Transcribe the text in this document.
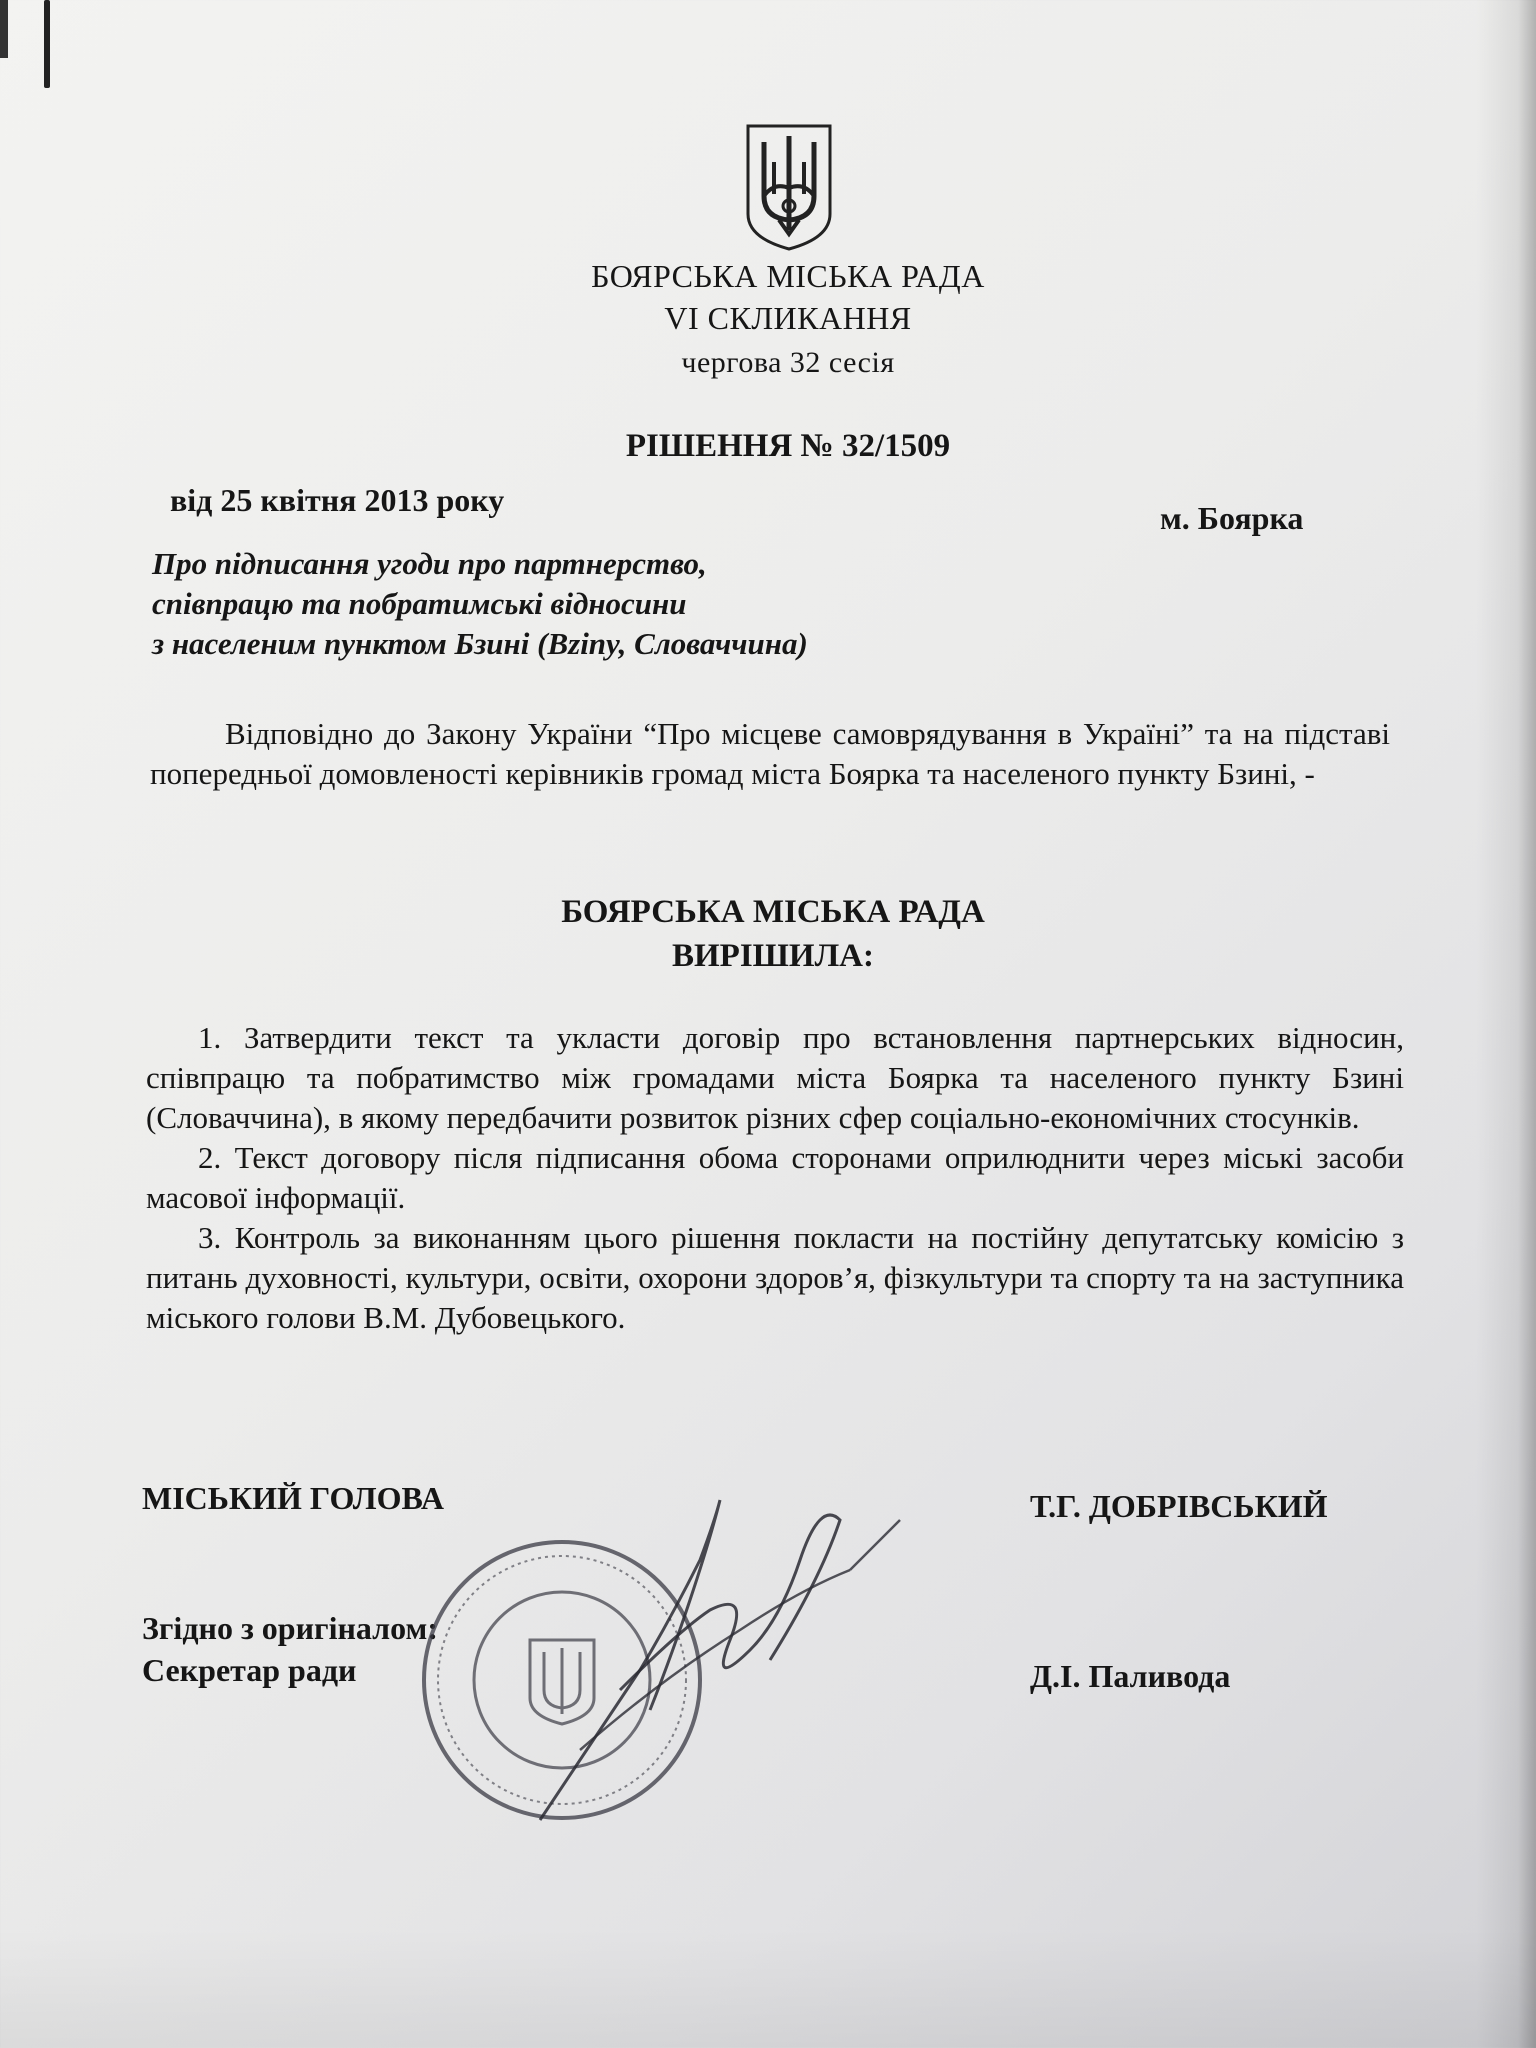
БОЯРСЬКА МІСЬКА РАДА
VI СКЛИКАННЯ
чергова 32 сесія
РІШЕННЯ № 32/1509
від 25 квітня 2013 року	м. Боярка
Про підписання угоди про партнерство,
співпрацю та побратимські відносини
з населеним пунктом Бзині (Bziny, Словаччина)
Відповідно до Закону України “Про місцеве самоврядування в Україні” та на підставі попередньої домовленості керівників громад міста Боярка та населеного пункту Бзині, -
БОЯРСЬКА МІСЬКА РАДА
ВИРІШИЛА:

1. Затвердити текст та укласти договір про встановлення партнерських відносин, співпрацю та побратимство між громадами міста Боярка та населеного пункту Бзині (Словаччина), в якому передбачити розвиток різних сфер соціально-економічних стосунків.

2. Текст договору після підписання обома сторонами оприлюднити через міські засоби масової інформації.

3. Контроль за виконанням цього рішення покласти на постійну депутатську комісію з питань духовності, культури, освіти, охорони здоров’я, фізкультури та спорту та на заступника міського голови В.М. Дубовецького.

МІСЬКИЙ ГОЛОВА	Т.Г. ДОБРІВСЬКИЙ
Згідно з оригіналом:
Секретар ради	Д.І. Паливода
